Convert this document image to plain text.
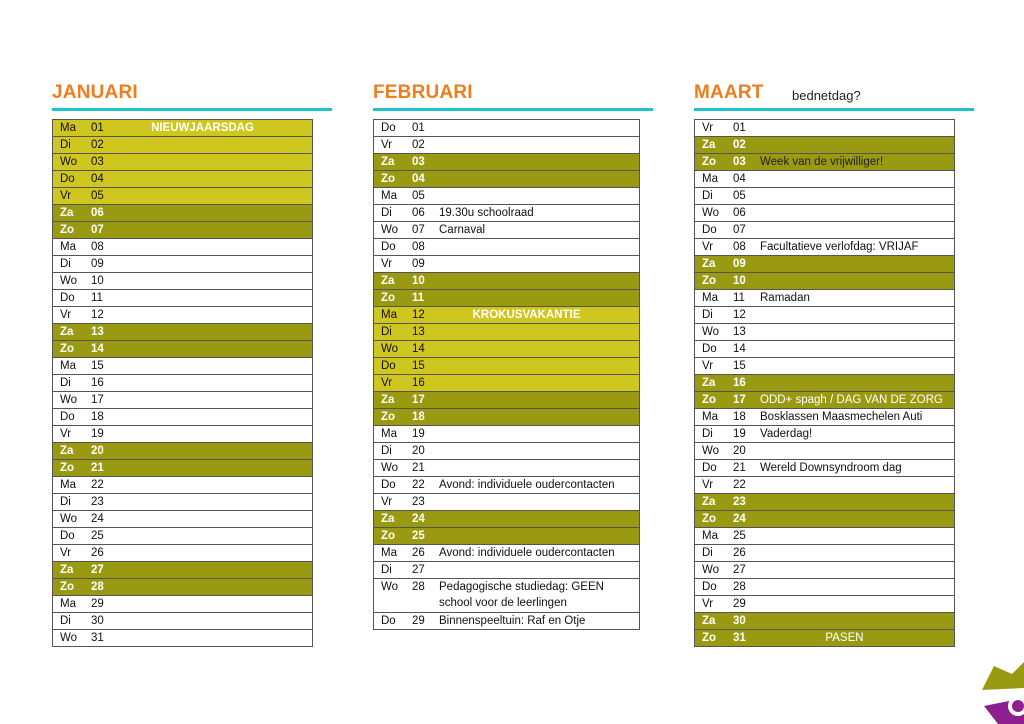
JANUARI
Ma 01	NIEUWJAARSDAG
Di 02
Wo 03
Do 04
Vr 05
Za 06
Zo 07
Ma 08
Di 09
Wo 10
Do 11
Vr 12
Za 13
Zo 14
Ma 15
Di 16
Wo 17
Do 18
Vr 19
Za 20
Zo 21
Ma 22
Di 23
Wo 24
Do 25
Vr 26
Za 27
Zo 28
Ma 29
Di 30
Wo 31
FEBRUARI
Do 01
Vr 02
Za 03
Zo 04
Ma 05
Di 06 19.30u schoolraad
Wo 07 Carnaval
Do 08
Vr 09
Za 10
Zo 11
Ma 12	KROKUSVAKANTIE
Di 13
Wo 14
Do 15
Vr 16
Za 17
Zo 18
Ma 19
Di 20
Wo 21
Do 22 Avond: individuele oudercontacten
Vr 23
Za 24
Zo 25
Ma 26 Avond: individuele oudercontacten
Di 27
Wo 28 Pedagogische studiedag: GEEN school voor de leerlingen
Do 29 Binnenspeeltuin: Raf en Otje
MAART bednetdag?
Vr 01
Za 02
Zo 03 Week van de vrijwilliger!
Ma 04
Di 05
Wo 06
Do 07
Vr 08 Facultatieve verlofdag: VRIJAF
Za 09
Zo 10
Ma 11 Ramadan
Di 12
Wo 13
Do 14
Vr 15
Za 16
Zo 17 ODD+ spagh / DAG VAN DE ZORG
Ma 18 Bosklassen Maasmechelen Auti
Di 19 Vaderdag!
Wo 20
Do 21 Wereld Downsyndroom dag
Vr 22
Za 23
Zo 24
Ma 25
Di 26
Wo 27
Do 28
Vr 29
Za 30
Zo 31	PASEN
